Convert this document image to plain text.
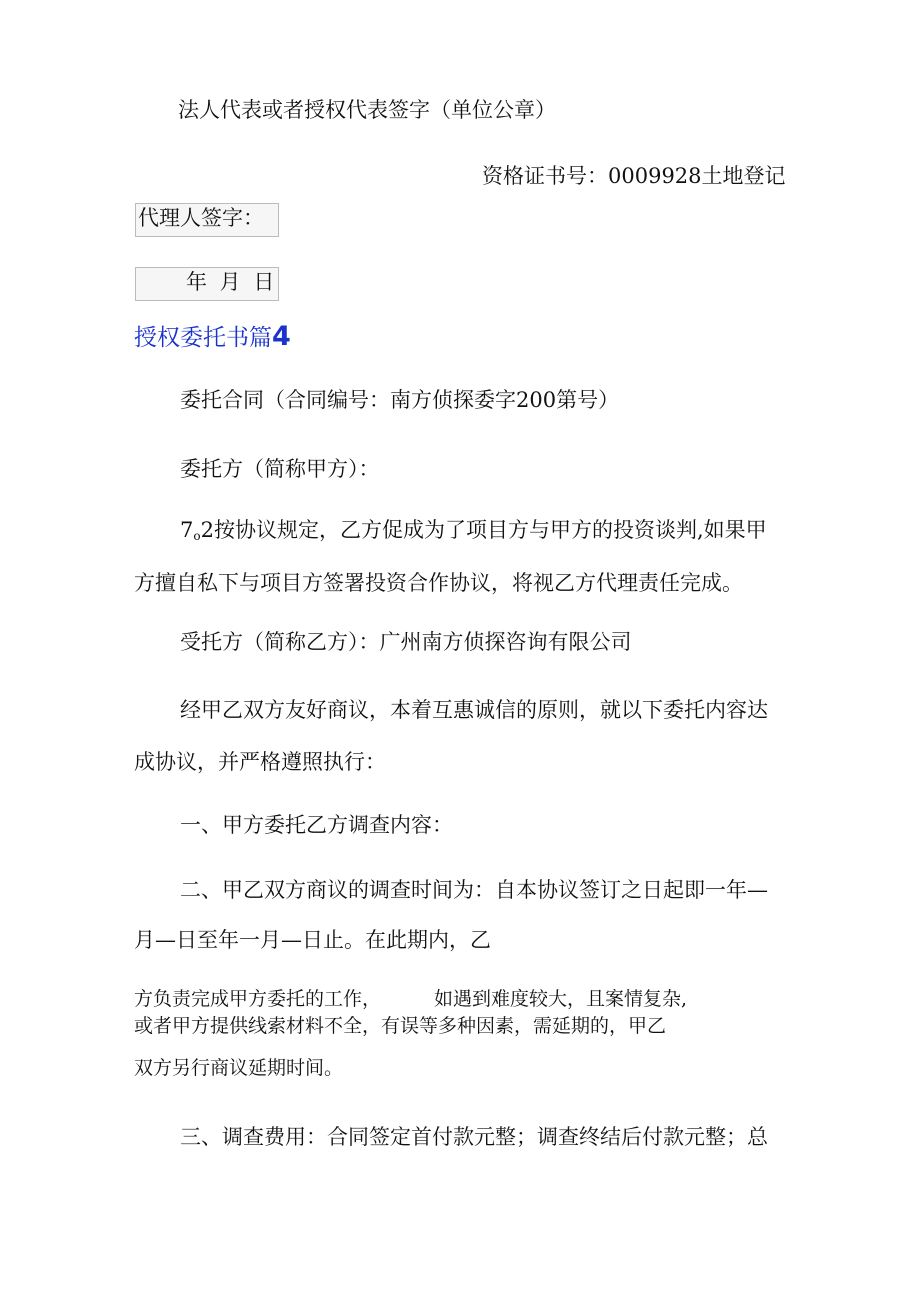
法人代表或者授权代表签字（单位公章）
资格证书号：0009928土地登记
代理人签字：
年 月 日
授权委托书篇4
委托合同（合同编号：南方侦探委字200第号）
委托方（简称甲方）：
$7_o2$按协议规定，乙方促成为了项目方与甲方的投资谈判,如果甲
方擅自私下与项目方签署投资合作协议，将视乙方代理责任完成。
受托方（简称乙方）：广州南方侦探咨询有限公司
经甲乙双方友好商议，本着互惠诚信的原则，就以下委托内容达
成协议，并严格遵照执行：
一、甲方委托乙方调查内容：
二、甲乙双方商议的调查时间为：自本协议签订之日起即一年—
月—日至年一月—日止。在此期内，乙
方负责完成甲方委托的工作，	如遇到难度较大，且案情复杂,
或者甲方提供线索材料不全，有误等多种因素，需延期的，甲乙
双方另行商议延期时间。
三、调查费用：合同签定首付款元整；调查终结后付款元整；总
